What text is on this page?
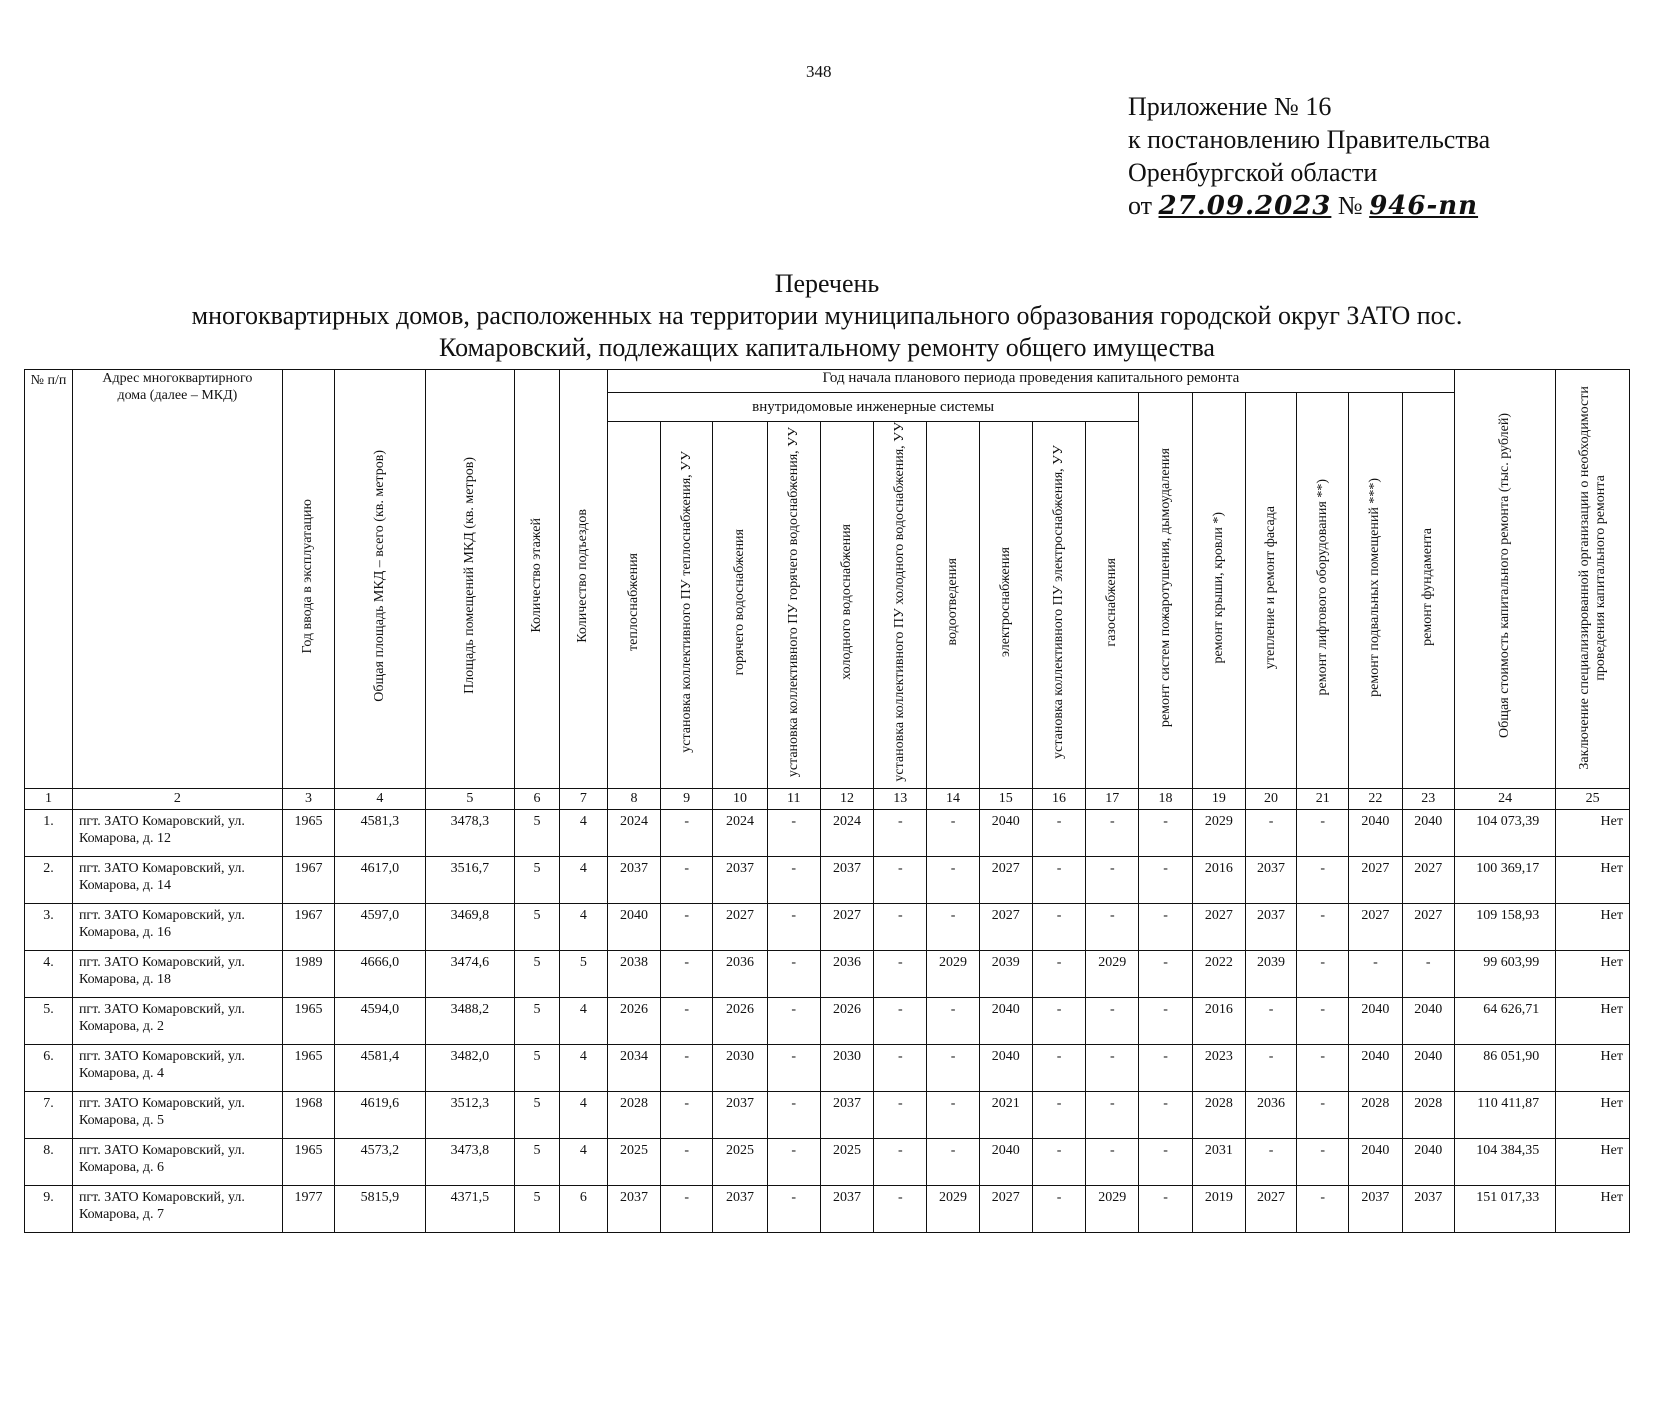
348
Приложение № 16
к постановлению Правительства
Оренбургской области
от 27.09.2023 № 946-пп
Перечень
многоквартирных домов, расположенных на территории муниципального образования городской округ ЗАТО пос.
Комаровский, подлежащих капитальному ремонту общего имущества
№ п/п	Адрес многоквартирного дома (далее – МКД)	Год ввода в эксплуатацию	Общая площадь МКД – всего (кв. метров)	Площадь помещений МКД (кв. метров)	Количество этажей	Количество подъездов	Год начала планового периода проведения капитального ремонта																Общая стоимость капитального ремонта (тыс. рублей)	Заключение специализированной организации о необходимости проведения капитального ремонта

							внутридомовые инженерные системы										ремонт систем пожаротушения, дымоудаления	ремонт крыши, кровли *)	утепление и ремонт фасада	ремонт лифтового оборудования **)	ремонт подвальных помещений ***)	ремонт фундамента		

							теплоснабжения	установка коллективного ПУ теплоснабжения, УУ	горячего водоснабжения	установка коллективного ПУ горячего водоснабжения, УУ	холодного водоснабжения	установка коллективного ПУ холодного водоснабжения, УУ	водоотведения	электроснабжения	установка коллективного ПУ электроснабжения, УУ	газоснабжения								

1	2	3	4	5	6	7	8	9	10	11	12	13	14	15	16	17	18	19	20	21	22	23	24	25
1.	пгт. ЗАТО Комаровский, ул. Комарова, д. 12	1965	4581,3	3478,3	5	4	2024	-	2024	-	2024	-	-	2040	-	-	-	2029	-	-	2040	2040	104 073,39	Нет
2.	пгт. ЗАТО Комаровский, ул. Комарова, д. 14	1967	4617,0	3516,7	5	4	2037	-	2037	-	2037	-	-	2027	-	-	-	2016	2037	-	2027	2027	100 369,17	Нет
3.	пгт. ЗАТО Комаровский, ул. Комарова, д. 16	1967	4597,0	3469,8	5	4	2040	-	2027	-	2027	-	-	2027	-	-	-	2027	2037	-	2027	2027	109 158,93	Нет
4.	пгт. ЗАТО Комаровский, ул. Комарова, д. 18	1989	4666,0	3474,6	5	5	2038	-	2036	-	2036	-	2029	2039	-	2029	-	2022	2039	-	-	-	99 603,99	Нет
5.	пгт. ЗАТО Комаровский, ул. Комарова, д. 2	1965	4594,0	3488,2	5	4	2026	-	2026	-	2026	-	-	2040	-	-	-	2016	-	-	2040	2040	64 626,71	Нет
6.	пгт. ЗАТО Комаровский, ул. Комарова, д. 4	1965	4581,4	3482,0	5	4	2034	-	2030	-	2030	-	-	2040	-	-	-	2023	-	-	2040	2040	86 051,90	Нет
7.	пгт. ЗАТО Комаровский, ул. Комарова, д. 5	1968	4619,6	3512,3	5	4	2028	-	2037	-	2037	-	-	2021	-	-	-	2028	2036	-	2028	2028	110 411,87	Нет
8.	пгт. ЗАТО Комаровский, ул. Комарова, д. 6	1965	4573,2	3473,8	5	4	2025	-	2025	-	2025	-	-	2040	-	-	-	2031	-	-	2040	2040	104 384,35	Нет
9.	пгт. ЗАТО Комаровский, ул. Комарова, д. 7	1977	5815,9	4371,5	5	6	2037	-	2037	-	2037	-	2029	2027	-	2029	-	2019	2027	-	2037	2037	151 017,33	Нет
